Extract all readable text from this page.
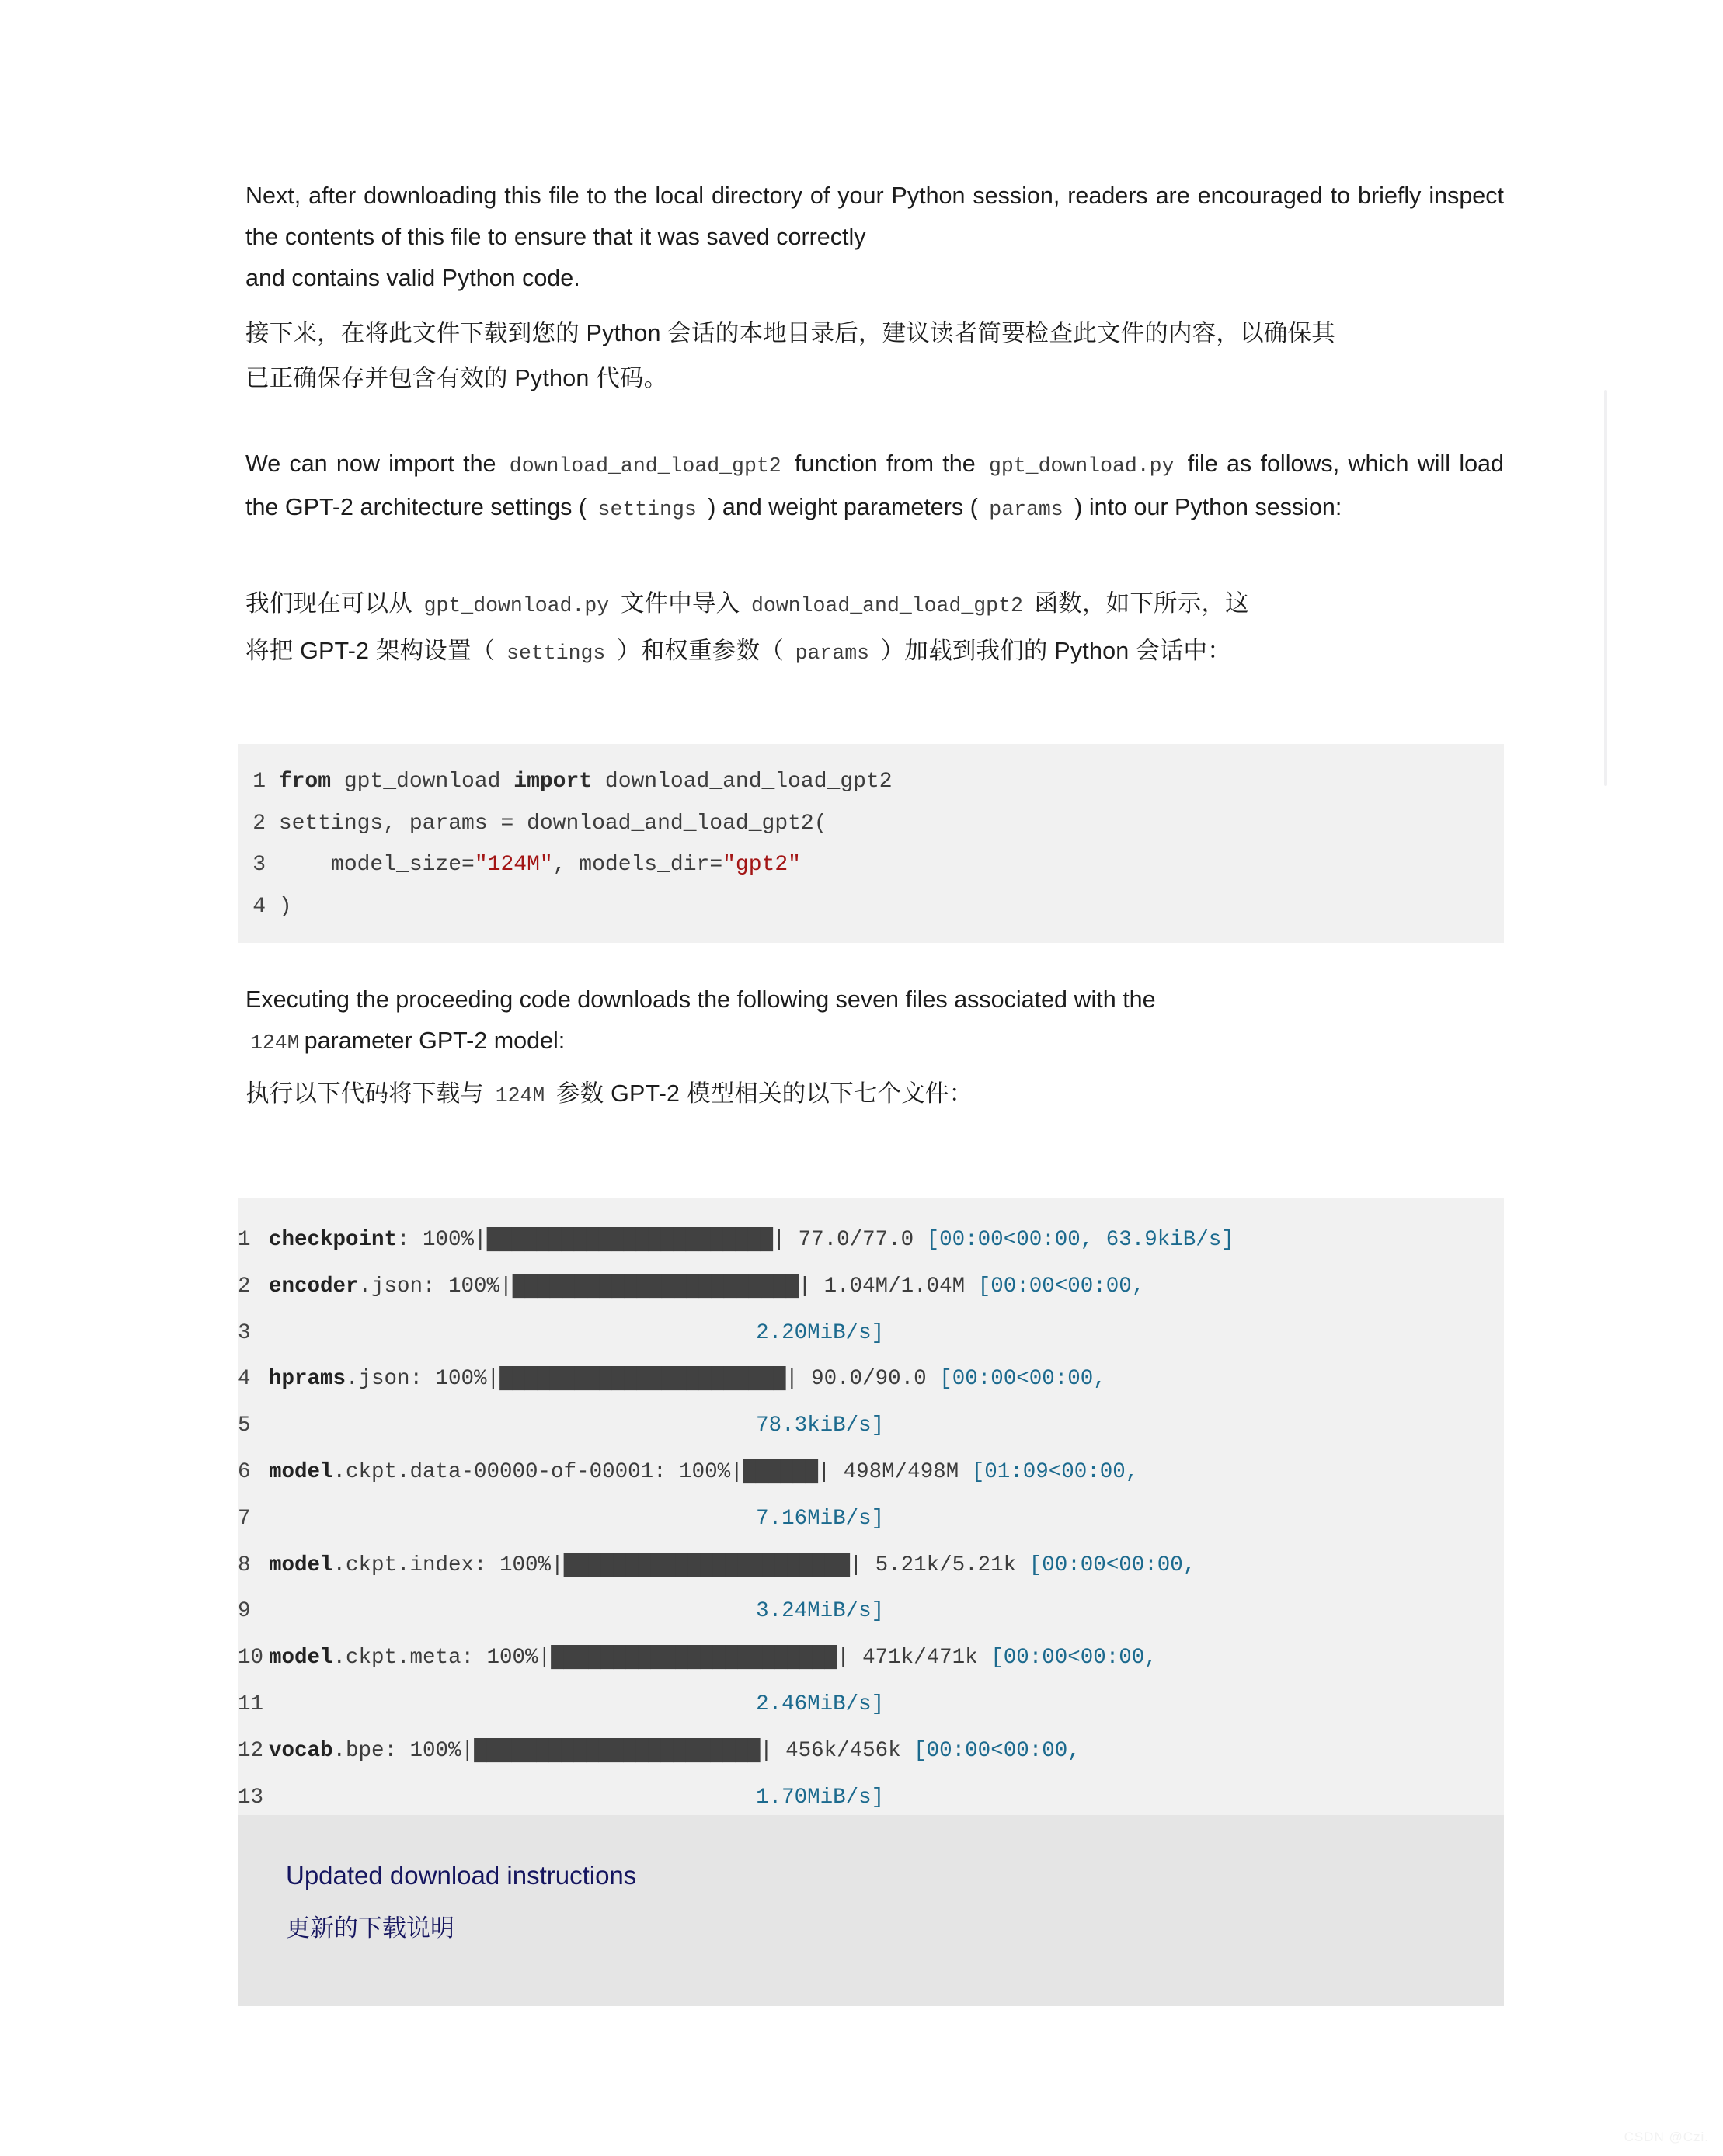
Next, after downloading this file to the local directory of your Python session, readers are encouraged to briefly inspect the contents of this file to ensure that it was saved correctly
and contains valid Python code.
接下来，在将此文件下载到您的 Python 会话的本地目录后，建议读者简要检查此文件的内容，以确保其
已正确保存并包含有效的 Python 代码。
We can now import the download_and_load_gpt2 function from the gpt_download.py file as follows, which will load the GPT-2 architecture settings ( settings ) and weight parameters ( params ) into our Python session:
我们现在可以从 gpt_download.py 文件中导入 download_and_load_gpt2 函数，如下所示，这
将把 GPT-2 架构设置（ settings ）和权重参数（ params ）加载到我们的 Python 会话中：
1 from gpt_download import download_and_load_gpt2
2 settings, params = download_and_load_gpt2(
3     model_size="124M", models_dir="gpt2"
4 )
Executing the proceeding code downloads the following seven files associated with the
124M parameter GPT-2 model:
执行以下代码将下载与 124M 参数 GPT-2 模型相关的以下七个文件：
1 checkpoint: 100%|███████████████████████| 77.0/77.0 [00:00<00:00, 63.9kiB/s]
2 encoder.json: 100%|███████████████████████| 1.04M/1.04M [00:00<00:00,
3	2.20MiB/s]
4 hprams.json: 100%|███████████████████████| 90.0/90.0 [00:00<00:00,
5	78.3kiB/s]
6 model.ckpt.data-00000-of-00001: 100%|██████| 498M/498M [01:09<00:00,
7	7.16MiB/s]
8 model.ckpt.index: 100%|███████████████████████| 5.21k/5.21k [00:00<00:00,
9	3.24MiB/s]
10 model.ckpt.meta: 100%|███████████████████████| 471k/471k [00:00<00:00,
11	2.46MiB/s]
12 vocab.bpe: 100%|███████████████████████| 456k/456k [00:00<00:00,
13	1.70MiB/s]
Updated download instructions
更新的下载说明
CSDN @Czi.
